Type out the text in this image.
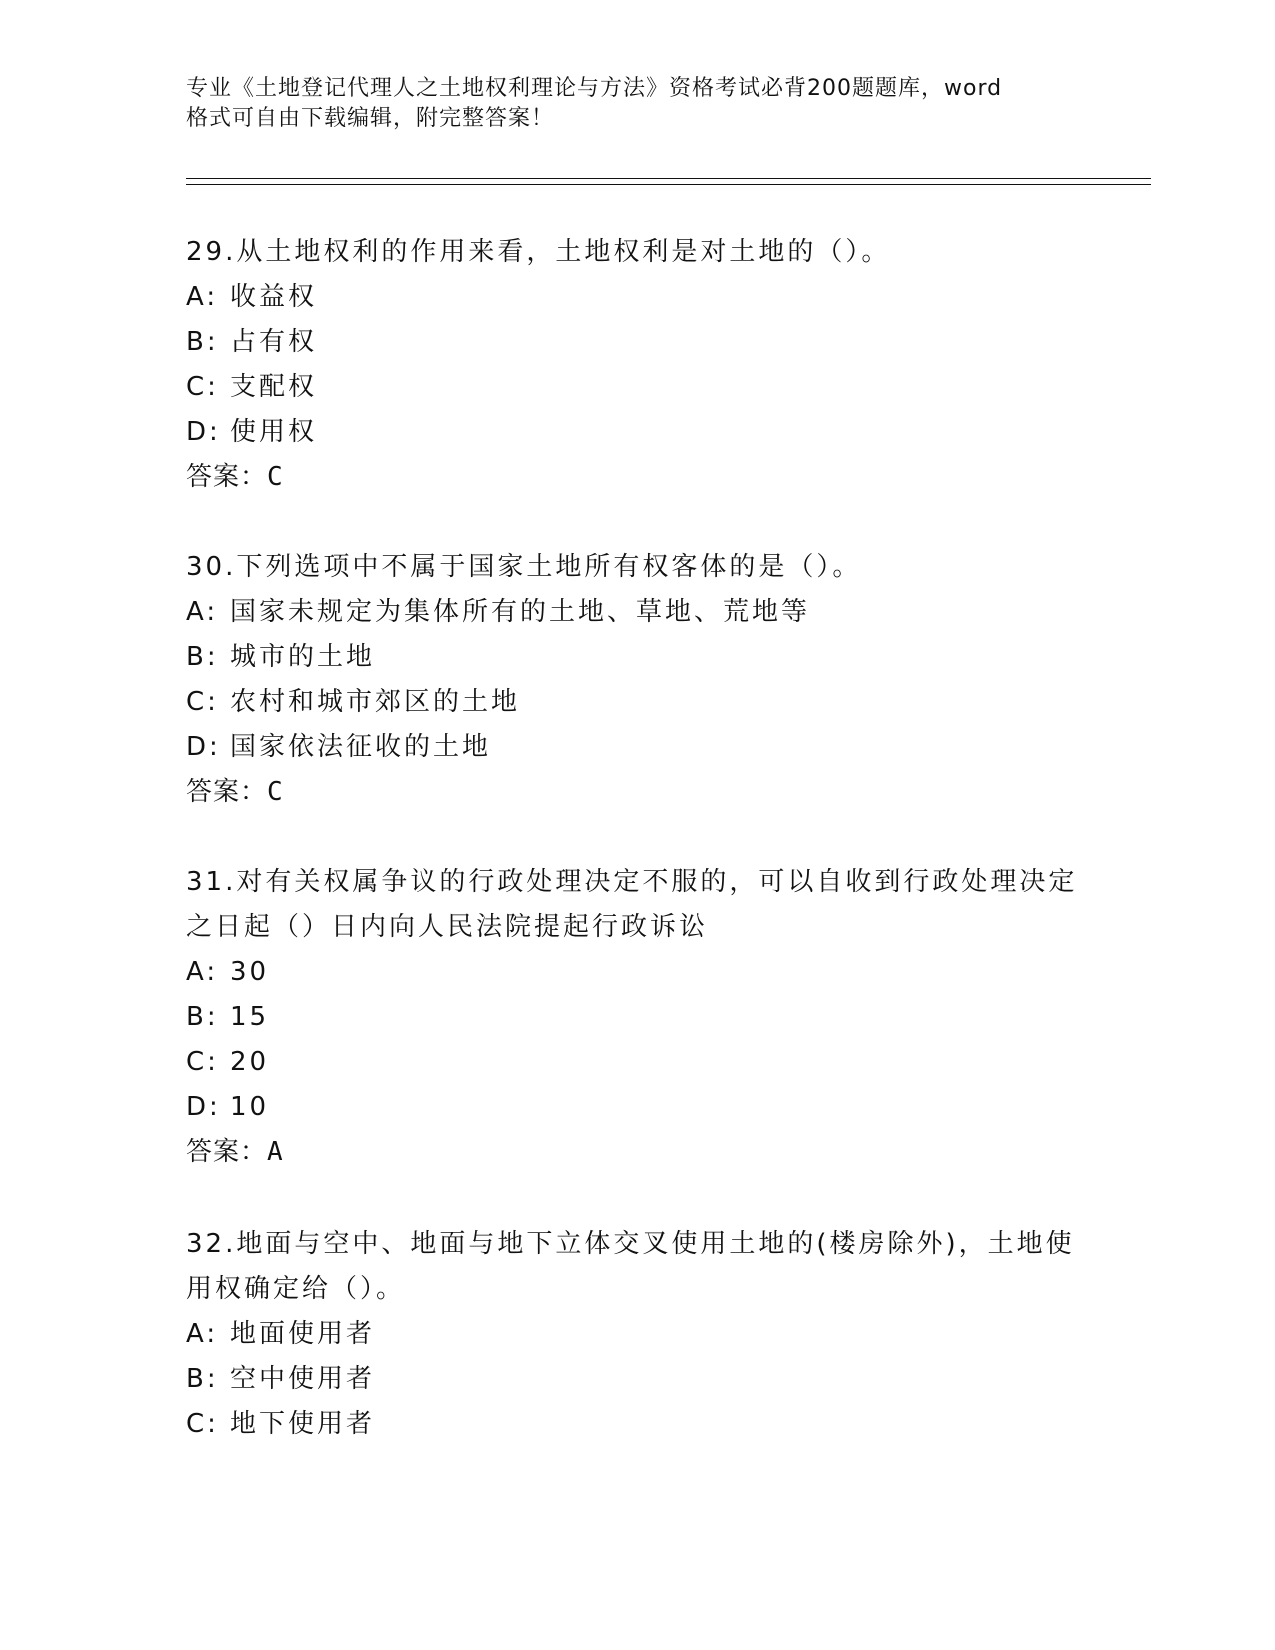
专业《土地登记代理人之土地权利理论与方法》资格考试必背200题题库，word
格式可自由下载编辑，附完整答案！

29.从土地权利的作用来看，土地权利是对土地的（）。

A: 收益权

B: 占有权

C: 支配权

D: 使用权

答案：C

30.下列选项中不属于国家土地所有权客体的是（）。

A: 国家未规定为集体所有的土地、草地、荒地等

B: 城市的土地

C: 农村和城市郊区的土地

D: 国家依法征收的土地

答案：C

31.对有关权属争议的行政处理决定不服的，可以自收到行政处理决定之日起（）日内向人民法院提起行政诉讼

A: 30

B: 15

C: 20

D: 10

答案：A

32.地面与空中、地面与地下立体交叉使用土地的(楼房除外)，土地使用权确定给（）。

A: 地面使用者

B: 空中使用者

C: 地下使用者
